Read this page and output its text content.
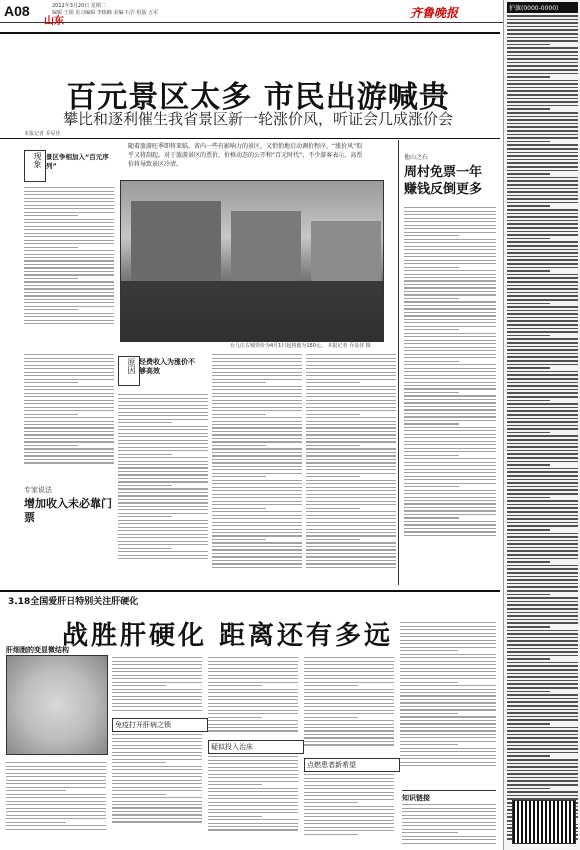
A08	2012年3月20日 星期二
编辑 王娟 见习编辑 李栋楠 美编 石岩 组版 五军
山东
齐鲁晚报	护旗(0000-0000)
百元景区太多 市民出游喊贵
攀比和逐利催生我省景区新一轮涨价风，听证会几成涨价会
本报记者 乔显佳
随着旅游旺季即将来临，省内一些有影响力的景区，又悄悄地启动调价程序，“涨价风”似乎又将刮起。对于旅游景区的票价，价格动态的公开和“百元时代”，不少游客表示，高票价将导致景区冷清。
现象 景区争相加入“百元序列”
台儿庄古城票价为4月1日起将涨为160元。 本报记者 乔显佳 摄
原因 经费收入为涨价不够高效
专家说法
增加收入未必靠门票
他山之石
周村免票一年赚钱反倒更多
3.18全国爱肝日特别关注肝硬化
战胜肝硬化 距离还有多远
肝细胞的变显微结构
免疫打开肝病之锁
疑似投入治床
点燃患者新希望
知识链接
